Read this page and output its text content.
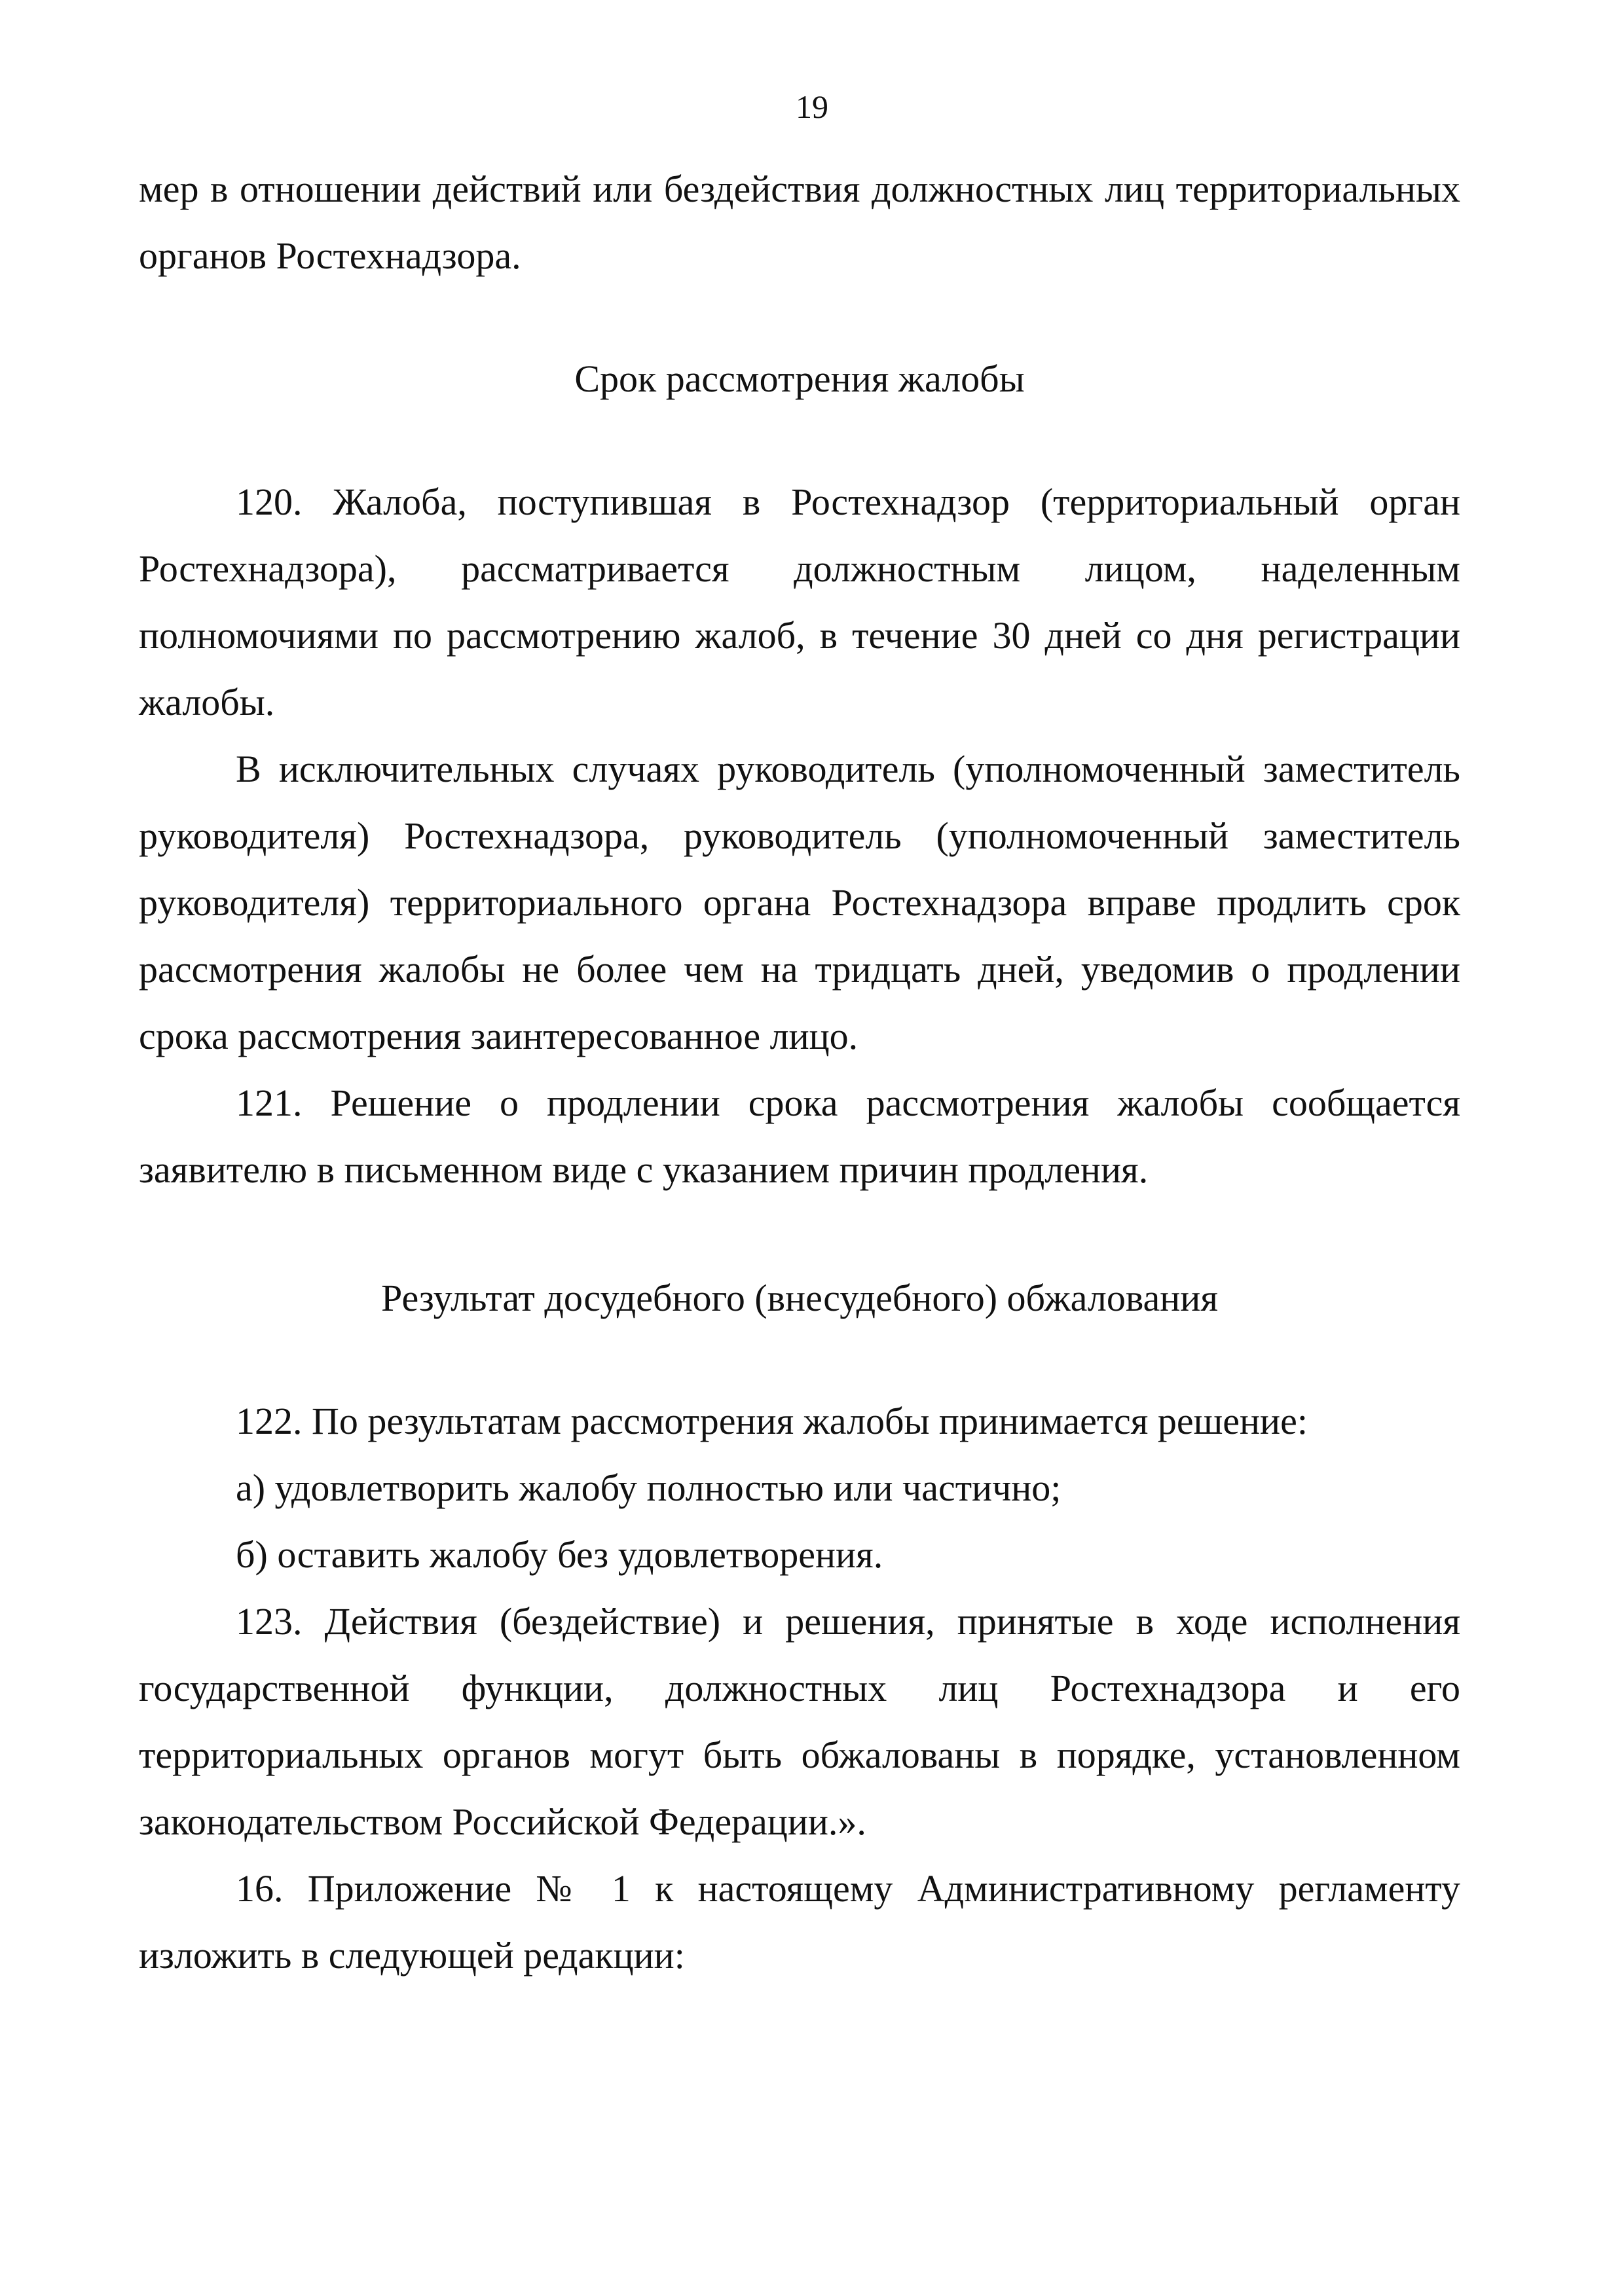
19

мер в отношении действий или бездействия должностных лиц территориальных органов Ростехнадзора.

Срок рассмотрения жалобы

120. Жалоба, поступившая в Ростехнадзор (территориальный орган Ростехнадзора), рассматривается должностным лицом, наделенным полномочиями по рассмотрению жалоб, в течение 30 дней со дня регистрации жалобы.

В исключительных случаях руководитель (уполномоченный заместитель руководителя) Ростехнадзора, руководитель (уполномоченный заместитель руководителя) территориального органа Ростехнадзора вправе продлить срок рассмотрения жалобы не более чем на тридцать дней, уведомив о продлении срока рассмотрения заинтересованное лицо.

121. Решение о продлении срока рассмотрения жалобы сообщается заявителю в письменном виде с указанием причин продления.

Результат досудебного (внесудебного) обжалования

122. По результатам рассмотрения жалобы принимается решение:

а) удовлетворить жалобу полностью или частично;

б) оставить жалобу без удовлетворения.

123. Действия (бездействие) и решения, принятые в ходе исполнения государственной функции, должностных лиц Ростехнадзора и его территориальных органов могут быть обжалованы в порядке, установленном законодательством Российской Федерации.».

16. Приложение № 1 к настоящему Административному регламенту изложить в следующей редакции:
